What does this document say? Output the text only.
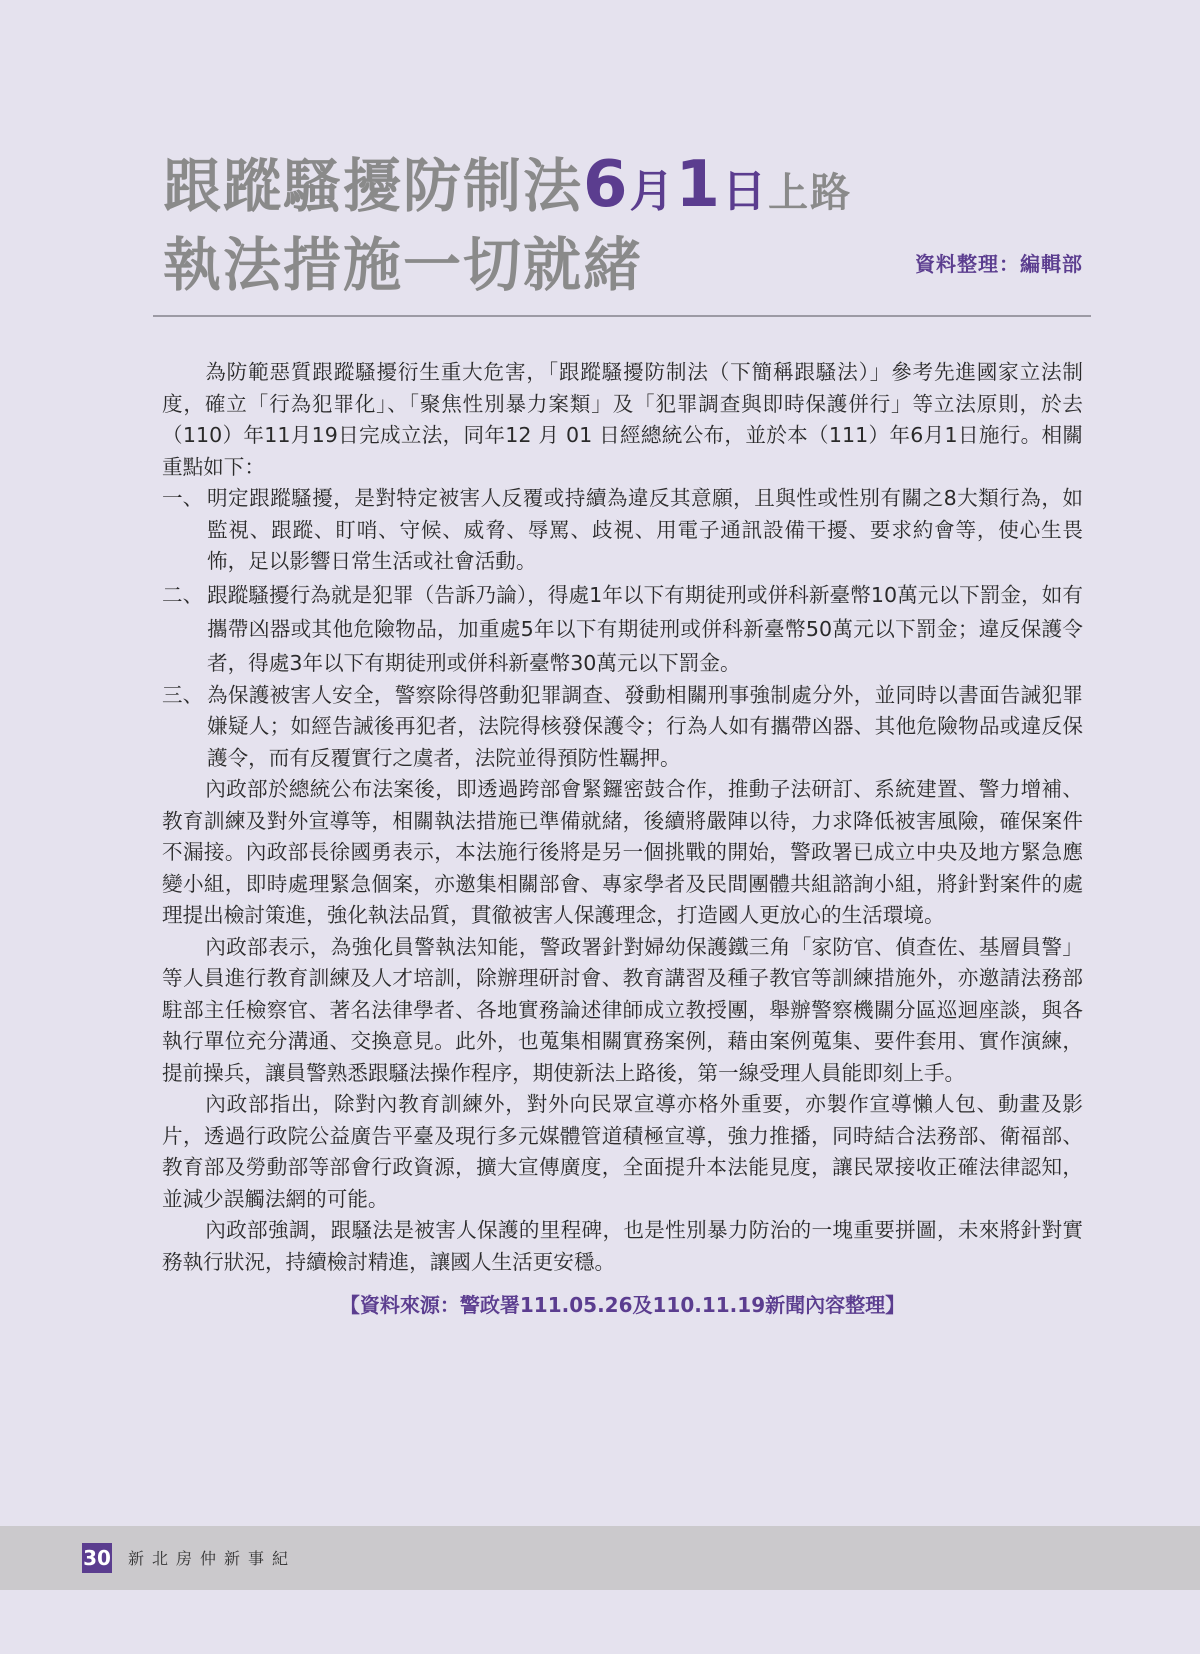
跟蹤騷擾防制法6月1日上路
執法措施一切就緒	資料整理：編輯部

為防範惡質跟蹤騷擾衍生重大危害，「跟蹤騷擾防制法（下簡稱跟騷法）」參考先進國家立法制度，確立「行為犯罪化」、「聚焦性別暴力案類」及「犯罪調查與即時保護併行」等立法原則，於去（110）年11月19日完成立法，同年12 月 01 日經總統公布，並於本（111）年6月1日施行。相關重點如下：

一、 明定跟蹤騷擾，是對特定被害人反覆或持續為違反其意願，且與性或性別有關之8大類行為，如監視、跟蹤、盯哨、守候、威脅、辱罵、歧視、用電子通訊設備干擾、要求約會等，使心生畏怖，足以影響日常生活或社會活動。
二、 跟蹤騷擾行為就是犯罪（告訴乃論），得處1年以下有期徒刑或併科新臺幣10萬元以下罰金，如有攜帶凶器或其他危險物品，加重處5年以下有期徒刑或併科新臺幣50萬元以下罰金；違反保護令者，得處3年以下有期徒刑或併科新臺幣30萬元以下罰金。
三、 為保護被害人安全，警察除得啓動犯罪調查、發動相關刑事強制處分外，並同時以書面告誡犯罪嫌疑人；如經告誡後再犯者，法院得核發保護令；行為人如有攜帶凶器、其他危險物品或違反保護令，而有反覆實行之虞者，法院並得預防性羈押。

內政部於總統公布法案後，即透過跨部會緊鑼密鼓合作，推動子法研訂、系統建置、警力增補、教育訓練及對外宣導等，相關執法措施已準備就緒，後續將嚴陣以待，力求降低被害風險，確保案件不漏接。內政部長徐國勇表示，本法施行後將是另一個挑戰的開始，警政署已成立中央及地方緊急應變小組，即時處理緊急個案，亦邀集相關部會、專家學者及民間團體共組諮詢小組，將針對案件的處理提出檢討策進，強化執法品質，貫徹被害人保護理念，打造國人更放心的生活環境。

內政部表示，為強化員警執法知能，警政署針對婦幼保護鐵三角「家防官、偵查佐、基層員警」等人員進行教育訓練及人才培訓，除辦理研討會、教育講習及種子教官等訓練措施外，亦邀請法務部駐部主任檢察官、著名法律學者、各地實務論述律師成立教授團，舉辦警察機關分區巡迴座談，與各執行單位充分溝通、交換意見。此外，也蒐集相關實務案例，藉由案例蒐集、要件套用、實作演練，提前操兵，讓員警熟悉跟騷法操作程序，期使新法上路後，第一線受理人員能即刻上手。

內政部指出，除對內教育訓練外，對外向民眾宣導亦格外重要，亦製作宣導懶人包、動畫及影片，透過行政院公益廣告平臺及現行多元媒體管道積極宣導，強力推播，同時結合法務部、衛福部、教育部及勞動部等部會行政資源，擴大宣傳廣度，全面提升本法能見度，讓民眾接收正確法律認知，並減少誤觸法網的可能。

內政部強調，跟騷法是被害人保護的里程碑，也是性別暴力防治的一塊重要拼圖，未來將針對實務執行狀況，持續檢討精進，讓國人生活更安穩。

【資料來源：警政署111.05.26及110.11.19新聞內容整理】
30 新北房仲新事紀
